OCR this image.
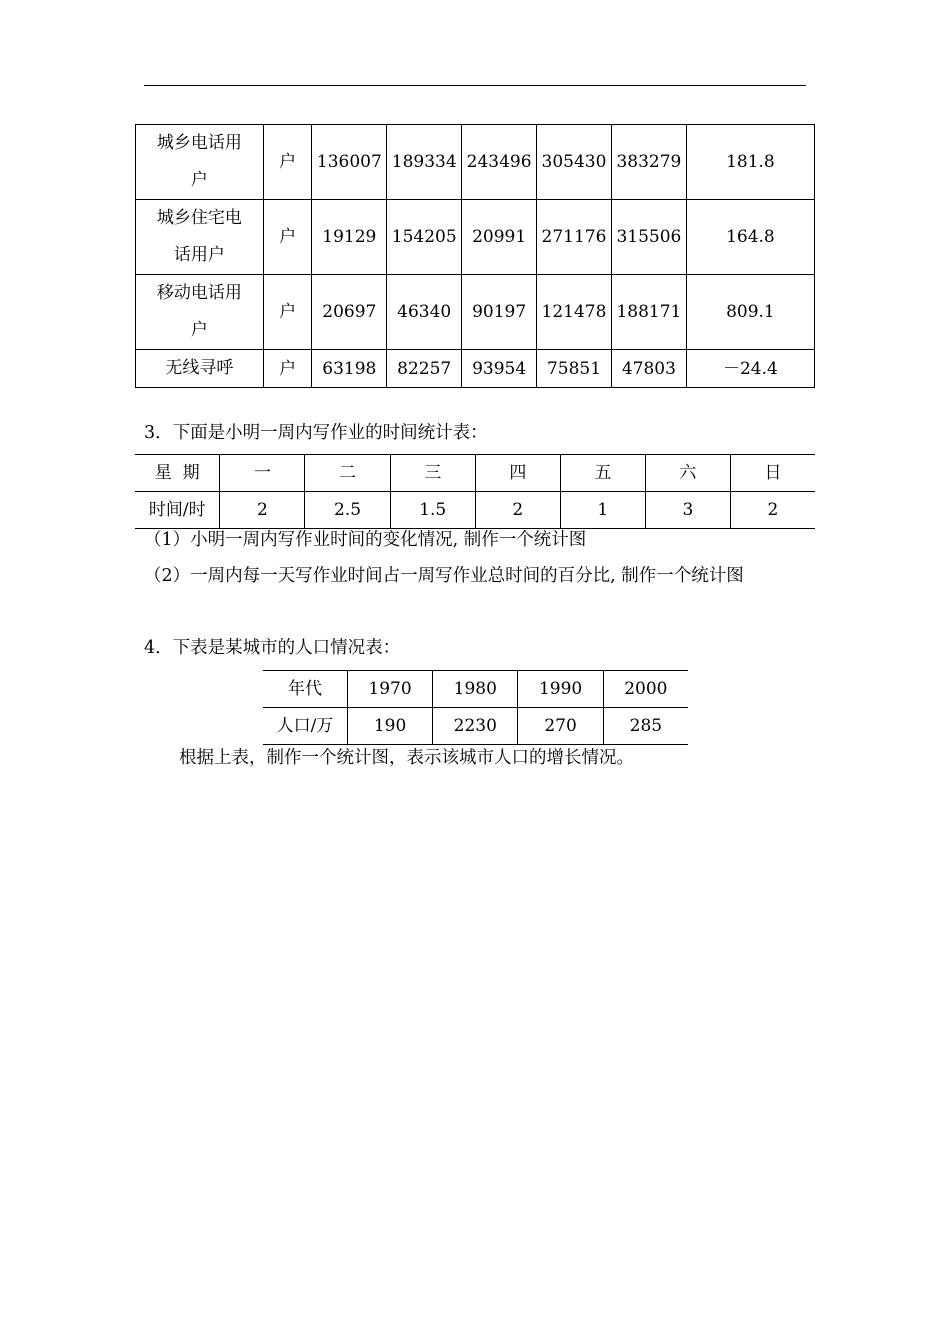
城乡电话用
户	户	136007	189334	243496	305430	383279	181.8
城乡住宅电
话用户	户	19129	154205	20991	271176	315506	164.8
移动电话用
户	户	20697	46340	90197	121478	188171	809.1
无线寻呼	户	63198	82257	93954	75851	47803	－24.4
3．下面是小明一周内写作业的时间统计表：
星  期	一	二	三	四	五	六	日
时间/时	2	2.5	1.5	2	1	3	2
（1）小明一周内写作业时间的变化情况, 制作一个统计图
（2）一周内每一天写作业时间占一周写作业总时间的百分比, 制作一个统计图
4．下表是某城市的人口情况表：
年代	1970	1980	1990	2000
人口/万	190	2230	270	285
根据上表，制作一个统计图，表示该城市人口的增长情况。
